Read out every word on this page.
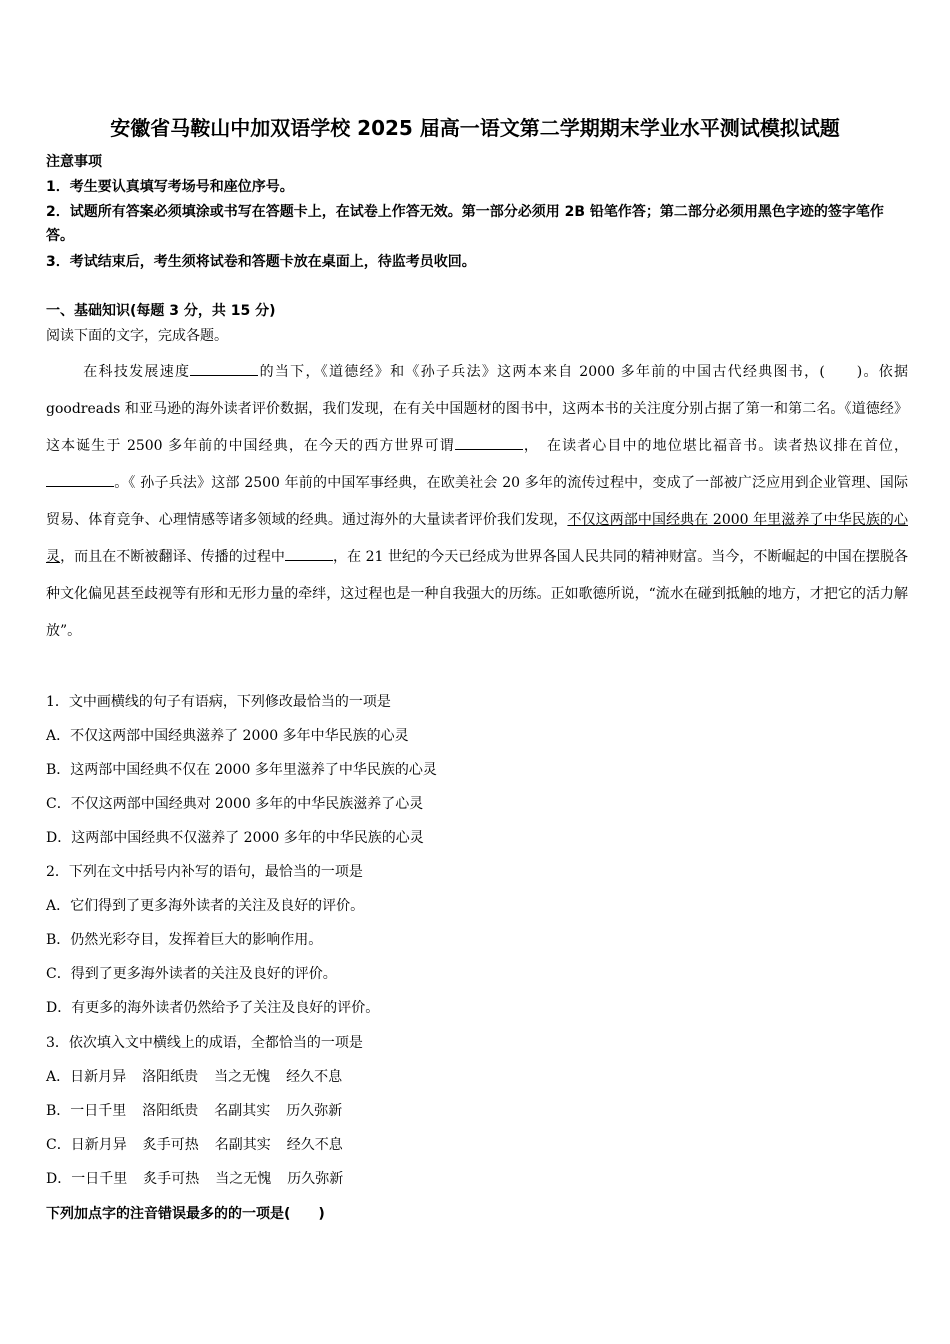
安徽省马鞍山中加双语学校 2025 届高一语文第二学期期末学业水平测试模拟试题
注意事项
1．考生要认真填写考场号和座位序号。
2．试题所有答案必须填涂或书写在答题卡上，在试卷上作答无效。第一部分必须用 2B 铅笔作答；第二部分必须用黑色字迹的签字笔作答。
3．考试结束后，考生须将试卷和答题卡放在桌面上，待监考员收回。
一、基础知识(每题 3 分，共 15 分)
阅读下面的文字，完成各题。
在科技发展速度	的当下，《道德经》和《孙子兵法》这两本来自 2000 多年前的中国古代经典图书，(　　)。依据 goodreads 和亚马逊的海外读者评价数据，我们发现，在有关中国题材的图书中，这两本书的关注度分别占据了第一和第二名。《道德经》这本诞生于 2500 多年前的中国经典，在今天的西方世界可谓	，　在读者心目中的地位堪比福音书。读者热议排在首位，。《 孙子兵法》这部 2500 年前的中国军事经典，在欧美社会 20 多年的流传过程中，变成了一部被广泛应用到企业管理、国际贸易、体育竞争、心理情感等诸多领域的经典。通过海外的大量读者评价我们发现，不仅这两部中国经典在 2000 年里滋养了中华民族的心灵，而且在不断被翻译、传播的过程中	，在 21 世纪的今天已经成为世界各国人民共同的精神财富。当今，不断崛起的中国在摆脱各种文化偏见甚至歧视等有形和无形力量的牵绊，这过程也是一种自我强大的历练。正如歌德所说，“流水在碰到抵触的地方，才把它的活力解放”。
1．文中画横线的句子有语病，下列修改最恰当的一项是
A．不仅这两部中国经典滋养了 2000 多年中华民族的心灵
B．这两部中国经典不仅在 2000 多年里滋养了中华民族的心灵
C．不仅这两部中国经典对 2000 多年的中华民族滋养了心灵
D．这两部中国经典不仅滋养了 2000 多年的中华民族的心灵
2．下列在文中括号内补写的语句，最恰当的一项是
A．它们得到了更多海外读者的关注及良好的评价。
B．仍然光彩夺目，发挥着巨大的影响作用。
C．得到了更多海外读者的关注及良好的评价。
D．有更多的海外读者仍然给予了关注及良好的评价。
3．依次填入文中横线上的成语，全都恰当的一项是
A．日新月异 洛阳纸贵 当之无愧 经久不息
B．一日千里 洛阳纸贵 名副其实 历久弥新
C．日新月异 炙手可热 名副其实 经久不息
D．一日千里 炙手可热 当之无愧 历久弥新
下列加点字的注音错误最多的的一项是(　　)
